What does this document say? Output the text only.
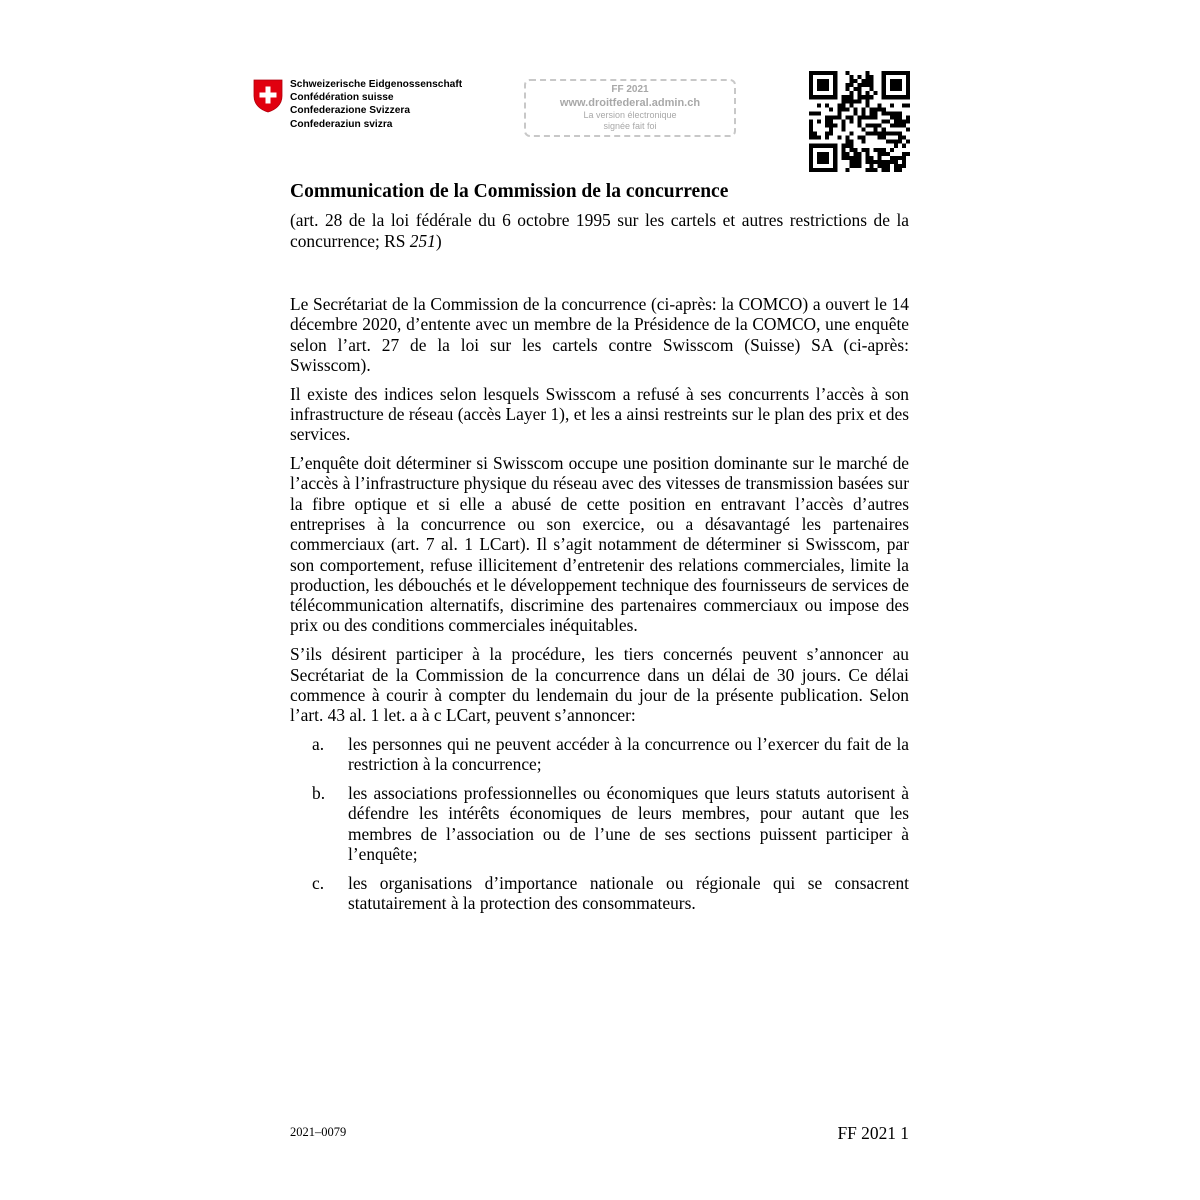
Schweizerische Eidgenossenschaft
Confédération suisse
Confederazione Svizzera
Confederaziun svizra
FF 2021
www.droitfederal.admin.ch
La version électronique
signée fait foi
Communication de la Commission de la concurrence

(art. 28 de la loi fédérale du 6 octobre 1995 sur les cartels et autres restrictions de la concurrence; RS 251)

Le Secrétariat de la Commission de la concurrence (ci-après: la COMCO) a ouvert le 14 décembre 2020, d’entente avec un membre de la Présidence de la COMCO, une enquête selon l’art. 27 de la loi sur les cartels contre Swisscom (Suisse) SA (ci-après: Swisscom).

Il existe des indices selon lesquels Swisscom a refusé à ses concurrents l’accès à son infrastructure de réseau (accès Layer 1), et les a ainsi restreints sur le plan des prix et des services.

L’enquête doit déterminer si Swisscom occupe une position dominante sur le marché de l’accès à l’infrastructure physique du réseau avec des vitesses de transmission basées sur la fibre optique et si elle a abusé de cette position en entravant l’accès d’autres entreprises à la concurrence ou son exercice, ou a désavantagé les partenaires commerciaux (art. 7 al. 1 LCart). Il s’agit notamment de déterminer si Swisscom, par son comportement, refuse illicitement d’entretenir des relations commerciales, limite la production, les débouchés et le développement technique des fournisseurs de services de télécommunication alternatifs, discrimine des partenaires commerciaux ou impose des prix ou des conditions commerciales inéquitables.

S’ils désirent participer à la procédure, les tiers concernés peuvent s’annoncer au Secrétariat de la Commission de la concurrence dans un délai de 30 jours. Ce délai commence à courir à compter du lendemain du jour de la présente publication. Selon l’art. 43 al. 1 let. a à c LCart, peuvent s’annoncer:

a.	les personnes qui ne peuvent accéder à la concurrence ou l’exercer du fait de la restriction à la concurrence;
b.	les associations professionnelles ou économiques que leurs statuts autorisent à défendre les intérêts économiques de leurs membres, pour autant que les membres de l’association ou de l’une de ses sections puissent participer à l’enquête;
c.	les organisations d’importance nationale ou régionale qui se consacrent statutairement à la protection des consommateurs.
2021–0079	FF 2021 1
